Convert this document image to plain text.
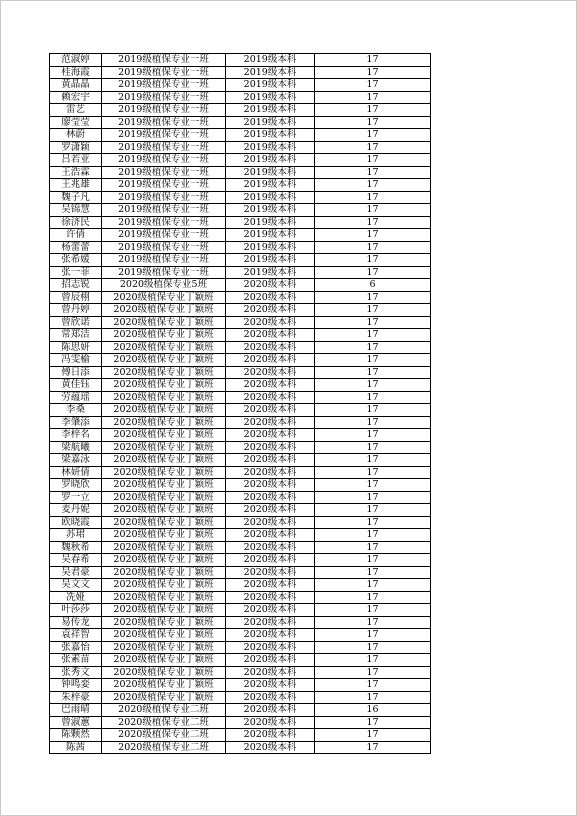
范淑婷	2019级植保专业一班	2019级本科	17
桂海霞	2019级植保专业一班	2019级本科	17
黄晶晶	2019级植保专业一班	2019级本科	17
赖宏宇	2019级植保专业一班	2019级本科	17
雷艺	2019级植保专业一班	2019级本科	17
廖莹莹	2019级植保专业一班	2019级本科	17
林蔚	2019级植保专业一班	2019级本科	17
罗潇颖	2019级植保专业一班	2019级本科	17
吕若亚	2019级植保专业一班	2019级本科	17
王浩霖	2019级植保专业一班	2019级本科	17
王兆雄	2019级植保专业一班	2019级本科	17
魏子凡	2019级植保专业一班	2019级本科	17
吴锦慧	2019级植保专业一班	2019级本科	17
徐济民	2019级植保专业一班	2019级本科	17
许倩	2019级植保专业一班	2019级本科	17
杨蕾蕾	2019级植保专业一班	2019级本科	17
张希媛	2019级植保专业一班	2019级本科	17
张一菲	2019级植保专业一班	2019级本科	17
招志锐	2020级植保专业5班	2020级本科	6
曾辰栩	2020级植保专业丁颖班	2020级本科	17
曾丹婷	2020级植保专业丁颖班	2020级本科	17
曾欣诺	2020级植保专业丁颖班	2020级本科	17
常郑洁	2020级植保专业丁颖班	2020级本科	17
陈思妍	2020级植保专业丁颖班	2020级本科	17
冯雯榆	2020级植保专业丁颖班	2020级本科	17
傅日添	2020级植保专业丁颖班	2020级本科	17
黄佳钰	2020级植保专业丁颖班	2020级本科	17
劳蕴瑶	2020级植保专业丁颖班	2020级本科	17
李桑	2020级植保专业丁颖班	2020级本科	17
李肇添	2020级植保专业丁颖班	2020级本科	17
李梓名	2020级植保专业丁颖班	2020级本科	17
梁航曦	2020级植保专业丁颖班	2020级本科	17
梁嘉泳	2020级植保专业丁颖班	2020级本科	17
林妍倩	2020级植保专业丁颖班	2020级本科	17
罗晓欣	2020级植保专业丁颖班	2020级本科	17
罗一立	2020级植保专业丁颖班	2020级本科	17
麦丹妮	2020级植保专业丁颖班	2020级本科	17
欧晓霞	2020级植保专业丁颖班	2020级本科	17
苏珺	2020级植保专业丁颖班	2020级本科	17
魏秋希	2020级植保专业丁颖班	2020级本科	17
吴春希	2020级植保专业丁颖班	2020级本科	17
吴君豪	2020级植保专业丁颖班	2020级本科	17
吴文文	2020级植保专业丁颖班	2020级本科	17
冼娅	2020级植保专业丁颖班	2020级本科	17
叶莎莎	2020级植保专业丁颖班	2020级本科	17
易传龙	2020级植保专业丁颖班	2020级本科	17
袁祥智	2020级植保专业丁颖班	2020级本科	17
张嘉怡	2020级植保专业丁颖班	2020级本科	17
张素苗	2020级植保专业丁颖班	2020级本科	17
张秀文	2020级植保专业丁颖班	2020级本科	17
钟鸣娈	2020级植保专业丁颖班	2020级本科	17
朱梓豪	2020级植保专业丁颖班	2020级本科	17
巴雨晴	2020级植保专业二班	2020级本科	16
曾淑蕙	2020级植保专业二班	2020级本科	17
陈颗然	2020级植保专业二班	2020级本科	17
陈茜	2020级植保专业二班	2020级本科	17
